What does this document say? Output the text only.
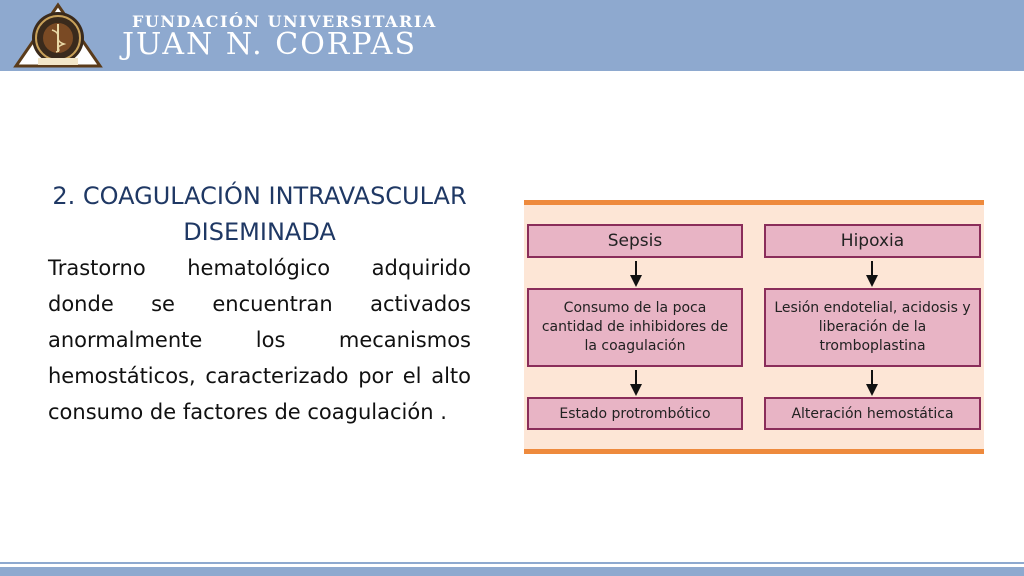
FUNDACIÓN UNIVERSITARIA
JUAN N. CORPAS

2. COAGULACIÓN INTRAVASCULAR DISEMINADA

Trastorno hematológico adquirido donde se encuentran activados anormalmente los mecanismos hemostáticos, caracterizado por el alto consumo de factores de coagulación .

Sepsis	Hipoxia
Consumo de la poca cantidad de inhibidores de la coagulación
Lesión endotelial, acidosis y liberación de la tromboplastina
Estado protrombótico	Alteración hemostática
